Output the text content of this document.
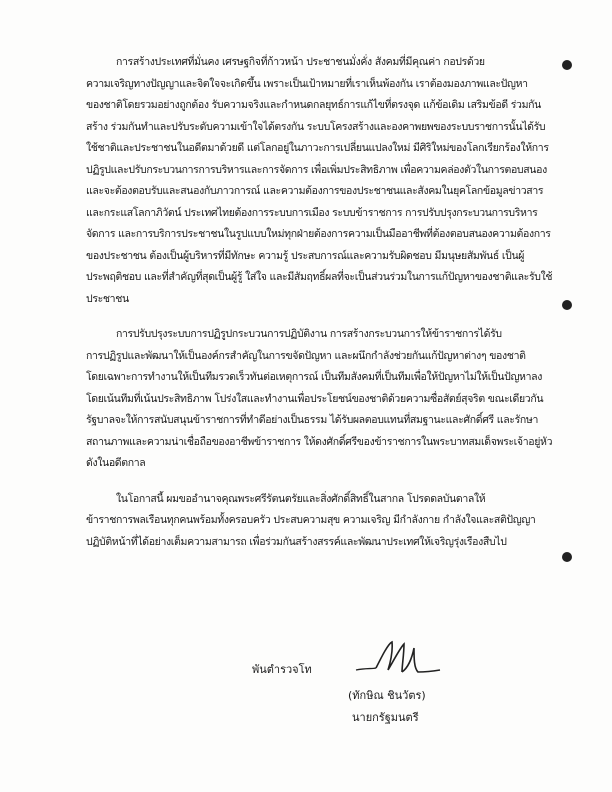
การสร้างประเทศที่มั่นคง เศรษฐกิจที่ก้าวหน้า ประชาชนมั่งคั่ง สังคมที่มีคุณค่า กอปรด้วย
ความเจริญทางปัญญาและจิตใจจะเกิดขึ้น เพราะเป็นเป้าหมายที่เราเห็นพ้องกัน เราต้องมองภาพและปัญหา
ของชาติโดยรวมอย่างถูกต้อง รับความจริงและกำหนดกลยุทธ์การแก้ไขที่ตรงจุด แก้ข้อเดิม เสริมข้อดี ร่วมกัน
สร้าง ร่วมกันทำและปรับระดับความเข้าใจได้ตรงกัน ระบบโครงสร้างและองคาพยพของระบบราชการนั้นได้รับ
ใช้ชาติและประชาชนในอดีตมาด้วยดี แต่โลกอยู่ในภาวะการเปลี่ยนแปลงใหม่ มีศิริใหม่ของโลกเรียกร้องให้การ
ปฏิรูปและปรับกระบวนการการบริหารและการจัดการ เพื่อเพิ่มประสิทธิภาพ เพื่อความคล่องตัวในการตอบสนอง
และจะต้องตอบรับและสนองกับภาวการณ์ และความต้องการของประชาชนและสังคมในยุคโลกข้อมูลข่าวสาร
และกระแสโลกาภิวัตน์ ประเทศไทยต้องการระบบการเมือง ระบบข้าราชการ การปรับปรุงกระบวนการบริหาร
จัดการ และการบริการประชาชนในรูปแบบใหม่ทุกฝ่ายต้องการความเป็นมืออาชีพที่ต้องตอบสนองความต้องการ
ของประชาชน ต้องเป็นผู้บริหารที่มีทักษะ ความรู้ ประสบการณ์และความรับผิดชอบ มีมนุษยสัมพันธ์ เป็นผู้
ประพฤติชอบ และที่สำคัญที่สุดเป็นผู้รู้ ใส่ใจ และมีสัมฤทธิ์ผลที่จะเป็นส่วนร่วมในการแก้ปัญหาของชาติและรับใช้
ประชาชน
การปรับปรุงระบบการปฏิรูปกระบวนการปฏิบัติงาน การสร้างกระบวนการให้ข้าราชการได้รับ
การปฏิรูปและพัฒนาให้เป็นองค์กรสำคัญในการขจัดปัญหา และผนึกกำลังช่วยกันแก้ปัญหาต่างๆ ของชาติ
โดยเฉพาะการทำงานให้เป็นทีมรวดเร็วทันต่อเหตุการณ์ เป็นทีมสังคมที่เป็นทีมเพื่อให้ปัญหาไม่ให้เป็นปัญหาลง
โดยเน้นทีมที่เน้นประสิทธิภาพ โปร่งใสและทำงานเพื่อประโยชน์ของชาติด้วยความซื่อสัตย์สุจริต ขณะเดียวกัน
รัฐบาลจะให้การสนับสนุนข้าราชการที่ทำดีอย่างเป็นธรรม ได้รับผลตอบแทนที่สมฐานะและศักดิ์ศรี และรักษา
สถานภาพและความน่าเชื่อถือของอาชีพข้าราชการ ให้ดงศักดิ์ศรีของข้าราชการในพระบาทสมเด็จพระเจ้าอยู่หัว
ดังในอดีตกาล
ในโอกาสนี้ ผมขออำนาจคุณพระศรีรัตนตรัยและสิ่งศักดิ์สิทธิ์ในสากล โปรดดลบันดาลให้
ข้าราชการพลเรือนทุกคนพร้อมทั้งครอบครัว ประสบความสุข ความเจริญ มีกำลังกาย กำลังใจและสติปัญญา
ปฏิบัติหน้าที่ได้อย่างเต็มความสามารถ เพื่อร่วมกันสร้างสรรค์และพัฒนาประเทศให้เจริญรุ่งเรืองสืบไป
พันตำรวจโท
(ทักษิณ ชินวัตร)
นายกรัฐมนตรี
